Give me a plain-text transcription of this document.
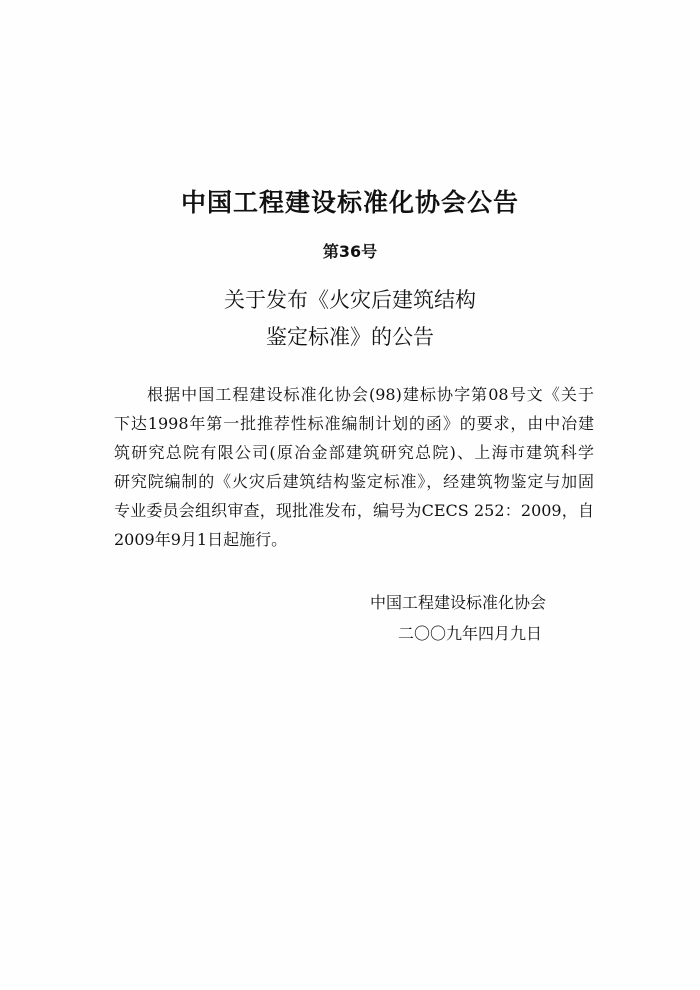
中国工程建设标准化协会公告
第36号
关于发布《火灾后建筑结构
鉴定标准》的公告
根据中国工程建设标准化协会(98)建标协字第08号文《关于
下达1998年第一批推荐性标准编制计划的函》的要求，由中冶建
筑研究总院有限公司(原冶金部建筑研究总院)、上海市建筑科学
研究院编制的《火灾后建筑结构鉴定标准》，经建筑物鉴定与加固
专业委员会组织审查，现批准发布，编号为CECS 252：2009，自
2009年9月1日起施行。
中国工程建设标准化协会
二〇〇九年四月九日
